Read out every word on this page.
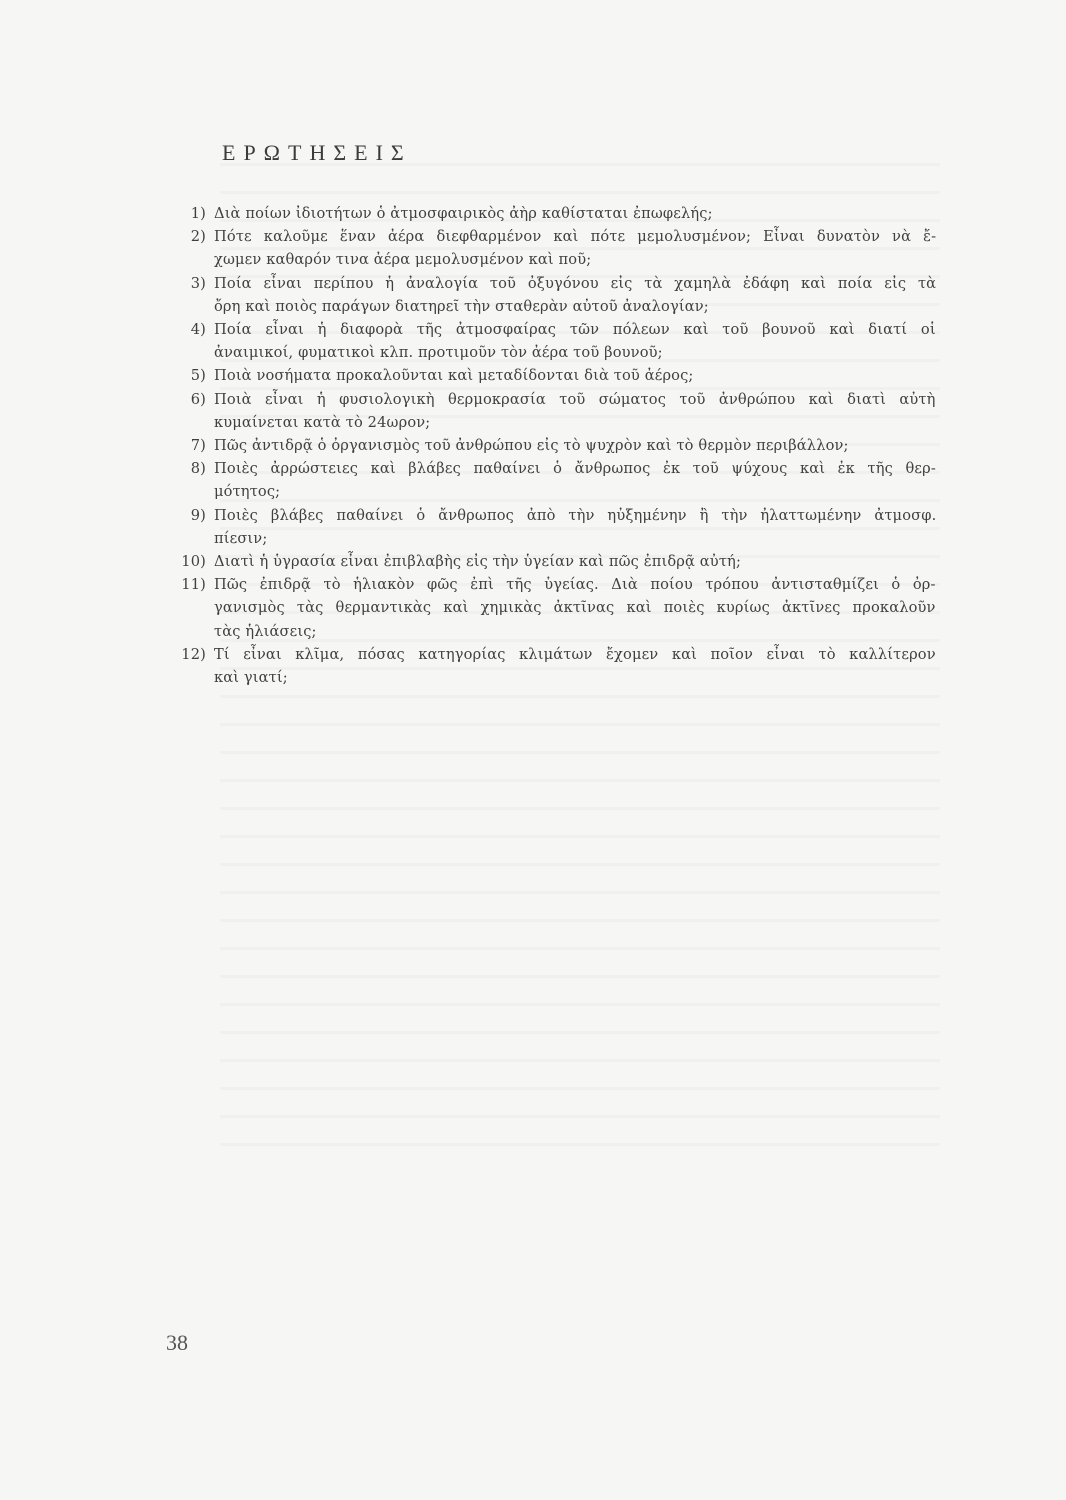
ΕΡΩΤΗΣΕΙΣ
1) Διὰ ποίων ἰδιοτήτων ὁ ἀτμοσφαιρικὸς ἀὴρ καθίσταται ἐπωφελής;
2) Πότε καλοῦμε ἕναν ἀέρα διεφθαρμένον καὶ πότε μεμολυσμένον; Εἶναι δυνατὸν νὰ ἔ-
χωμεν καθαρόν τινα ἀέρα μεμολυσμένον καὶ ποῦ;
3) Ποία εἶναι περίπου ἡ ἀναλογία τοῦ ὀξυγόνου εἰς τὰ χαμηλὰ ἐδάφη καὶ ποία εἰς τὰ
ὄρη καὶ ποιὸς παράγων διατηρεῖ τὴν σταθερὰν αὐτοῦ ἀναλογίαν;
4) Ποία εἶναι ἡ διαφορὰ τῆς ἀτμοσφαίρας τῶν πόλεων καὶ τοῦ βουνοῦ καὶ διατί οἱ
ἀναιμικοί, φυματικοὶ κλπ. προτιμοῦν τὸν ἀέρα τοῦ βουνοῦ;
5) Ποιὰ νοσήματα προκαλοῦνται καὶ μεταδίδονται διὰ τοῦ ἀέρος;
6) Ποιὰ εἶναι ἡ φυσιολογικὴ θερμοκρασία τοῦ σώματος τοῦ ἀνθρώπου καὶ διατὶ αὐτὴ
κυμαίνεται κατὰ τὸ 24ωρον;
7) Πῶς ἀντιδρᾷ ὁ ὀργανισμὸς τοῦ ἀνθρώπου εἰς τὸ ψυχρὸν καὶ τὸ θερμὸν περιβάλλον;
8) Ποιὲς ἀρρώστειες καὶ βλάβες παθαίνει ὁ ἄνθρωπος ἐκ τοῦ ψύχους καὶ ἐκ τῆς θερ-
μότητος;
9) Ποιὲς βλάβες παθαίνει ὁ ἄνθρωπος ἀπὸ τὴν ηὐξημένην ἢ τὴν ἠλαττωμένην ἀτμοσφ.
πίεσιν;
10) Διατὶ ἡ ὑγρασία εἶναι ἐπιβλαβὴς εἰς τὴν ὑγείαν καὶ πῶς ἐπιδρᾷ αὐτή;
11) Πῶς ἐπιδρᾷ τὸ ἡλιακὸν φῶς ἐπὶ τῆς ὑγείας. Διὰ ποίου τρόπου ἀντισταθμίζει ὁ ὀρ-
γανισμὸς τὰς θερμαντικὰς καὶ χημικὰς ἀκτῖνας καὶ ποιὲς κυρίως ἀκτῖνες προκαλοῦν
τὰς ἡλιάσεις;
12) Τί εἶναι κλῖμα, πόσας κατηγορίας κλιμάτων ἔχομεν καὶ ποῖον εἶναι τὸ καλλίτερον
καὶ γιατί;
38
